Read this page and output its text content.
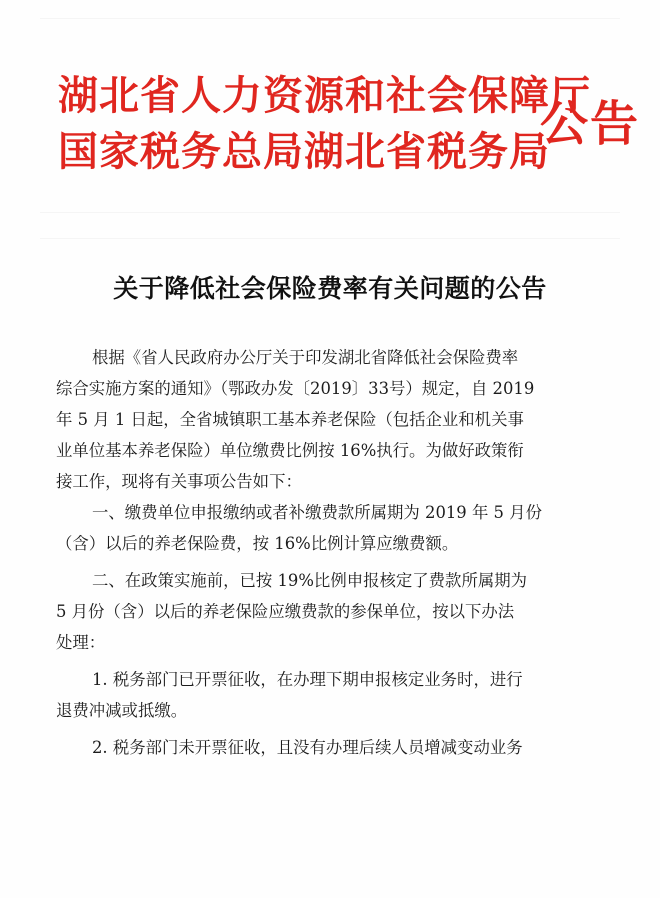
湖北省人力资源和社会保障厅
国家税务总局湖北省税务局
公告
关于降低社会保险费率有关问题的公告
根据《省人民政府办公厅关于印发湖北省降低社会保险费率
综合实施方案的通知》（鄂政办发〔2019〕33号）规定，自 2019
年 5 月 1 日起，全省城镇职工基本养老保险（包括企业和机关事
业单位基本养老保险）单位缴费比例按 16%执行。为做好政策衔
接工作，现将有关事项公告如下：
一、缴费单位申报缴纳或者补缴费款所属期为 2019 年 5 月份
（含）以后的养老保险费，按 16%比例计算应缴费额。
二、在政策实施前，已按 19%比例申报核定了费款所属期为
5 月份（含）以后的养老保险应缴费款的参保单位，按以下办法
处理：
1. 税务部门已开票征收，在办理下期申报核定业务时，进行
退费冲减或抵缴。
2. 税务部门未开票征收，且没有办理后续人员增减变动业务
